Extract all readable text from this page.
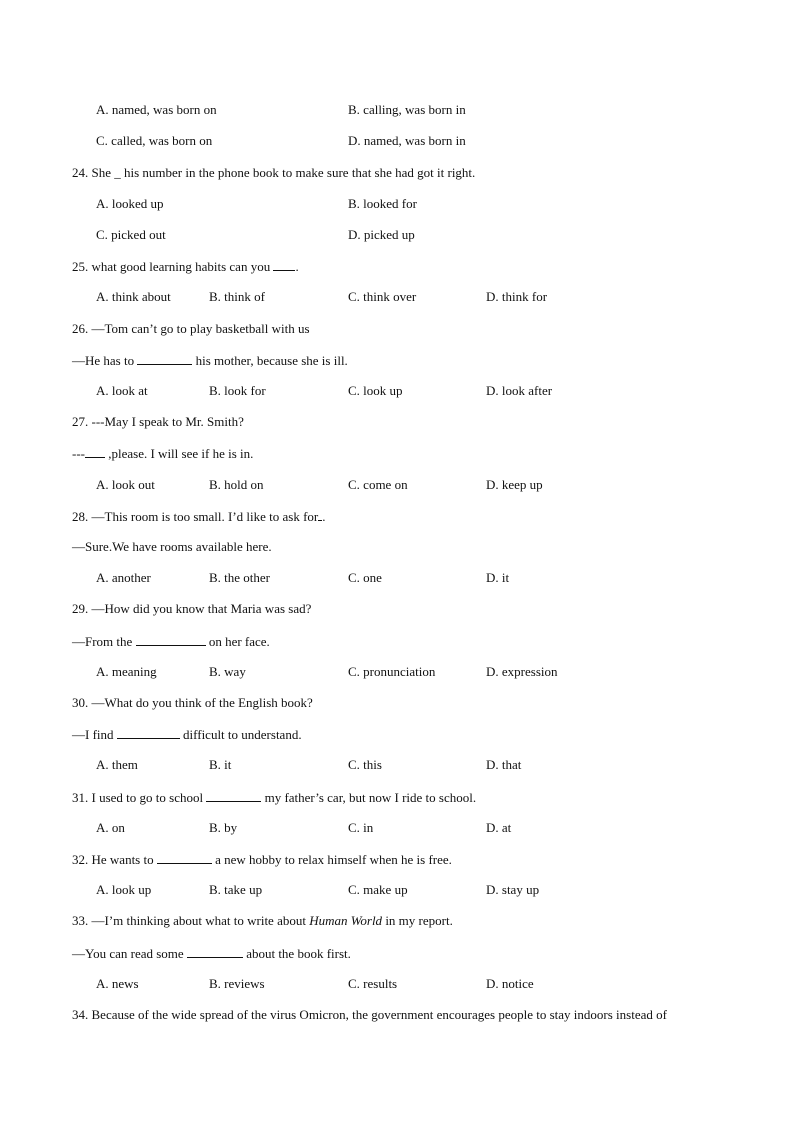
A. named, was born on	B. calling, was born in
C. called, was born on	D. named, was born in
24. She _ his number in the phone book to make sure that she had got it right.
A. looked up	B. looked for
C. picked out	D. picked up
25. what good learning habits can you .
A. think about	B. think of	C. think over	D. think for
26. —Tom can’t go to play basketball with us
—He has to	his mother, because she is ill.
A. look at	B. look for	C. look up	D. look after
27. ---May I speak to Mr. Smith?
--- ,please. I will see if he is in.
A. look out	B. hold on	C. come on	D. keep up
28. —This room is too small. I’d like to ask for .
—Sure.We have rooms available here.
A. another	B. the other	C. one	D. it
29. —How did you know that Maria was sad?
—From the	on her face.
A. meaning	B. way	C. pronunciation	D. expression
30. —What do you think of the English book?
—I find	difficult to understand.
A. them	B. it	C. this	D. that
31. I used to go to school	my father’s car, but now I ride to school.
A. on	B. by	C. in	D. at
32. He wants to	a new hobby to relax himself when he is free.
A. look up	B. take up	C. make up	D. stay up
33. —I’m thinking about what to write about Human World in my report.
—You can read some	about the book first.
A. news	B. reviews	C. results	D. notice
34. Because of the wide spread of the virus Omicron, the government encourages people to stay indoors instead of
